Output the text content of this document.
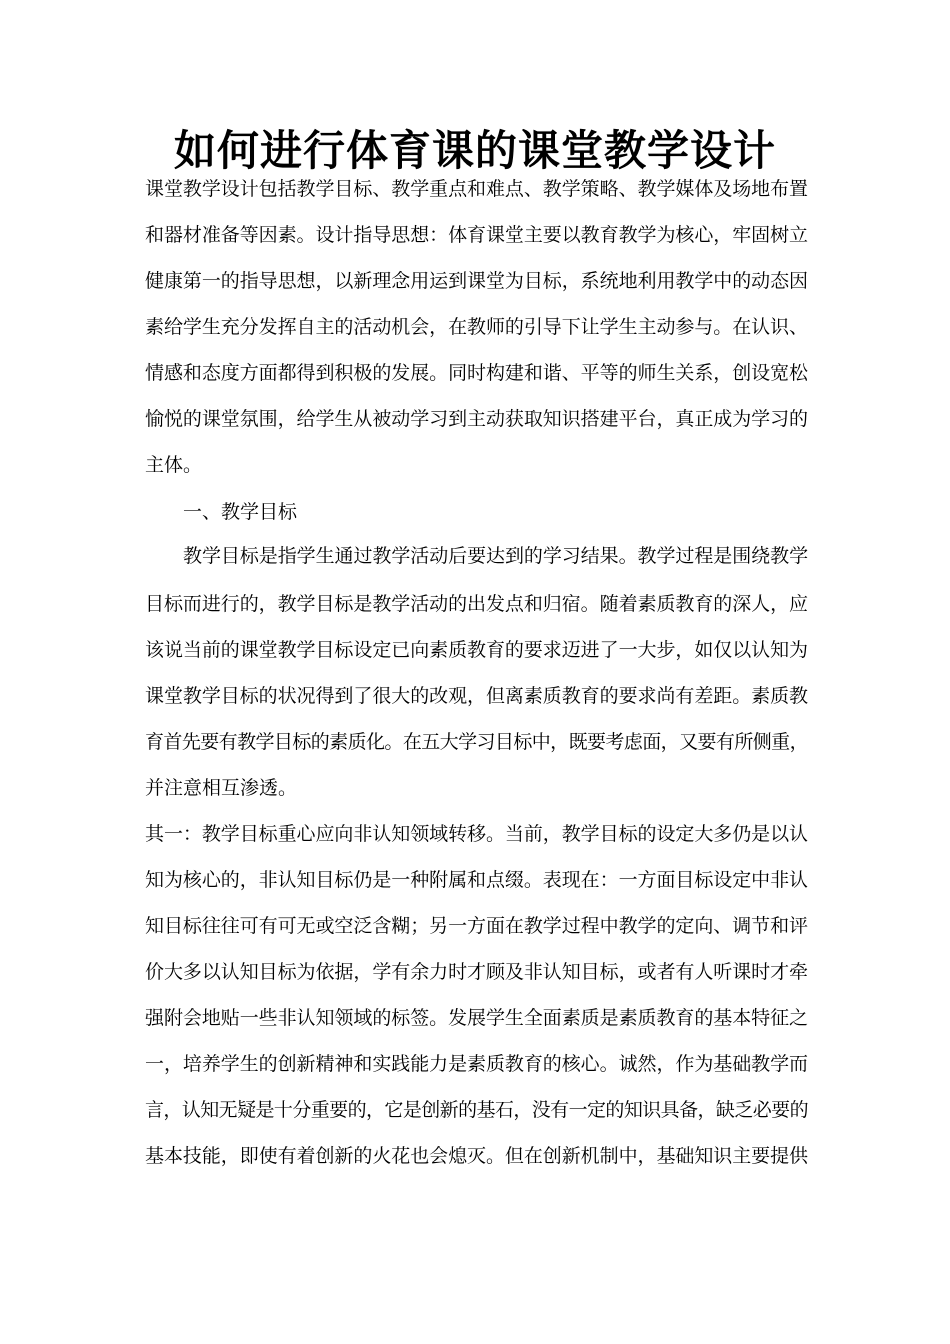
如何进行体育课的课堂教学设计
课堂教学设计包括教学目标、教学重点和难点、教学策略、教学媒体及场地布置
和器材准备等因素。设计指导思想：体育课堂主要以教育教学为核心，牢固树立
健康第一的指导思想，以新理念用运到课堂为目标，系统地利用教学中的动态因
素给学生充分发挥自主的活动机会，在教师的引导下让学生主动参与。在认识、
情感和态度方面都得到积极的发展。同时构建和谐、平等的师生关系，创设宽松
愉悦的课堂氛围，给学生从被动学习到主动获取知识搭建平台，真正成为学习的
主体。
一、教学目标
教学目标是指学生通过教学活动后要达到的学习结果。教学过程是围绕教学
目标而进行的，教学目标是教学活动的出发点和归宿。随着素质教育的深人，应
该说当前的课堂教学目标设定已向素质教育的要求迈进了一大步，如仅以认知为
课堂教学目标的状况得到了很大的改观，但离素质教育的要求尚有差距。素质教
育首先要有教学目标的素质化。在五大学习目标中，既要考虑面，又要有所侧重，
并注意相互渗透。
其一：教学目标重心应向非认知领域转移。当前，教学目标的设定大多仍是以认
知为核心的，非认知目标仍是一种附属和点缀。表现在：一方面目标设定中非认
知目标往往可有可无或空泛含糊；另一方面在教学过程中教学的定向、调节和评
价大多以认知目标为依据，学有余力时才顾及非认知目标，或者有人听课时才牵
强附会地贴一些非认知领域的标签。发展学生全面素质是素质教育的基本特征之
一，培养学生的创新精神和实践能力是素质教育的核心。诚然，作为基础教学而
言，认知无疑是十分重要的，它是创新的基石，没有一定的知识具备，缺乏必要的
基本技能，即使有着创新的火花也会熄灭。但在创新机制中，基础知识主要提供
